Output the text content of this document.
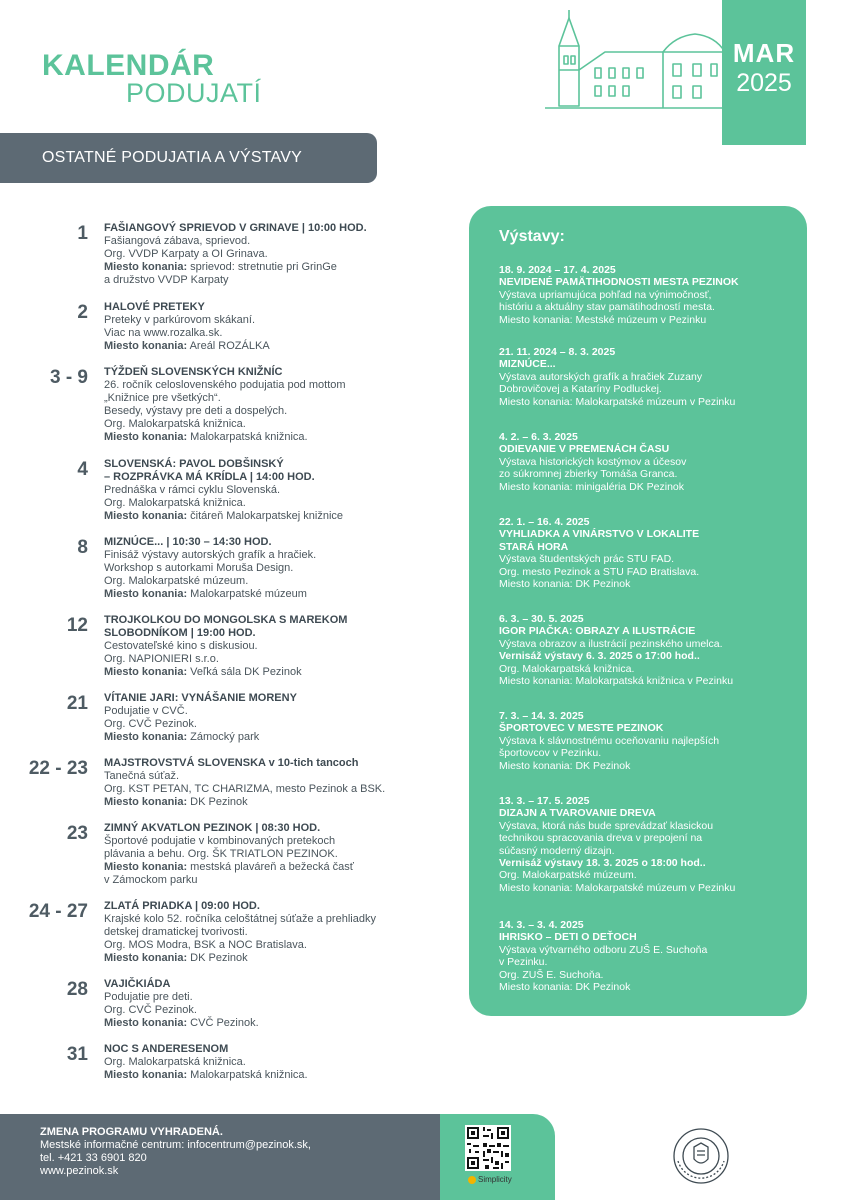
KALENDÁR
PODUJATÍ
MAR
2025
OSTATNÉ PODUJATIA A VÝSTAVY
1 FAŠIANGOVÝ SPRIEVOD V GRINAVE | 10:00 HOD.
Fašiangová zábava, sprievod.
Org. VVDP Karpaty a OI Grinava.
Miesto konania: sprievod: stretnutie pri GrinGe
a družstvo VVDP Karpaty
2 HALOVÉ PRETEKY
Preteky v parkúrovom skákaní.
Viac na www.rozalka.sk.
Miesto konania: Areál ROZÁLKA
3 - 9 TÝŽDEŇ SLOVENSKÝCH KNIŽNÍC
26. ročník celoslovenského podujatia pod mottom
„Knižnice pre všetkých“.
Besedy, výstavy pre deti a dospelých.
Org. Malokarpatská knižnica.
Miesto konania: Malokarpatská knižnica.
4 SLOVENSKÁ: PAVOL DOBŠINSKÝ
– ROZPRÁVKA MÁ KRÍDLA | 14:00 HOD.
Prednáška v rámci cyklu Slovenská.
Org. Malokarpatská knižnica.
Miesto konania: čitáreň Malokarpatskej knižnice
8 MIZNÚCE... | 10:30 – 14:30 HOD.
Finisáž výstavy autorských grafík a hračiek.
Workshop s autorkami Moruša Design.
Org. Malokarpatské múzeum.
Miesto konania: Malokarpatské múzeum
12 TROJKOLKOU DO MONGOLSKA S MAREKOM
SLOBODNÍKOM | 19:00 HOD.
Cestovateľské kino s diskusiou.
Org. NAPIONIERI s.r.o.
Miesto konania: Veľká sála DK Pezinok
21 VÍTANIE JARI: VYNÁŠANIE MORENY
Podujatie v CVČ.
Org. CVČ Pezinok.
Miesto konania: Zámocký park
22 - 23 MAJSTROVSTVÁ SLOVENSKA v 10-tich tancoch
Tanečná súťaž.
Org. KST PETAN, TC CHARIZMA, mesto Pezinok a BSK.
Miesto konania: DK Pezinok
23 ZIMNÝ AKVATLON PEZINOK | 08:30 HOD.
Športové podujatie v kombinovaných pretekoch
plávania a behu. Org. ŠK TRIATLON PEZINOK.
Miesto konania: mestská plaváreň a bežecká časť
v Zámockom parku
24 - 27 ZLATÁ PRIADKA | 09:00 HOD.
Krajské kolo 52. ročníka celoštátnej súťaže a prehliadky
detskej dramatickej tvorivosti.
Org. MOS Modra, BSK a NOC Bratislava.
Miesto konania: DK Pezinok
28 VAJIČKIÁDA
Podujatie pre deti.
Org. CVČ Pezinok.
Miesto konania: CVČ Pezinok.
31 NOC S ANDERESENOM
Org. Malokarpatská knižnica.
Miesto konania: Malokarpatská knižnica.
Výstavy:
18. 9. 2024 – 17. 4. 2025
NEVIDENÉ PAMÄTIHODNOSTI MESTA PEZINOK
Výstava upriamujúca pohľad na výnimočnosť,
históriu a aktuálny stav pamätihodností mesta.
Miesto konania: Mestské múzeum v Pezinku
21. 11. 2024 – 8. 3. 2025
MIZNÚCE...
Výstava autorských grafík a hračiek Zuzany
Dobrovičovej a Kataríny Podluckej.
Miesto konania: Malokarpatské múzeum v Pezinku
4. 2. – 6. 3. 2025
ODIEVANIE V PREMENÁCH ČASU
Výstava historických kostýmov a účesov
zo súkromnej zbierky Tomáša Granca.
Miesto konania: minigaléria DK Pezinok
22. 1. – 16. 4. 2025
VYHLIADKA A VINÁRSTVO V LOKALITE
STARÁ HORA
Výstava študentských prác STU FAD.
Org. mesto Pezinok a STU FAD Bratislava.
Miesto konania: DK Pezinok
6. 3. – 30. 5. 2025
IGOR PIAČKA: OBRAZY A ILUSTRÁCIE
Výstava obrazov a ilustrácií pezinského umelca.
Vernisáž výstavy 6. 3. 2025 o 17:00 hod..
Org. Malokarpatská knižnica.
Miesto konania: Malokarpatská knižnica v Pezinku
7. 3. – 14. 3. 2025
ŠPORTOVEC V MESTE PEZINOK
Výstava k slávnostnému oceňovaniu najlepších
športovcov v Pezinku.
Miesto konania: DK Pezinok
13. 3. – 17. 5. 2025
DIZAJN A TVAROVANIE DREVA
Výstava, ktorá nás bude sprevádzať klasickou
technikou spracovania dreva v prepojení na
súčasný moderný dizajn.
Vernisáž výstavy 18. 3. 2025 o 18:00 hod..
Org. Malokarpatské múzeum.
Miesto konania: Malokarpatské múzeum v Pezinku
14. 3. – 3. 4. 2025
IHRISKO – DETI O DEŤOCH
Výstava výtvarného odboru ZUŠ E. Suchoňa
v Pezinku.
Org. ZUŠ E. Suchoňa.
Miesto konania: DK Pezinok
ZMENA PROGRAMU VYHRADENÁ.
Mestské informačné centrum: infocentrum@pezinok.sk,
tel. +421 33 6901 820
www.pezinok.sk
Simplicity
